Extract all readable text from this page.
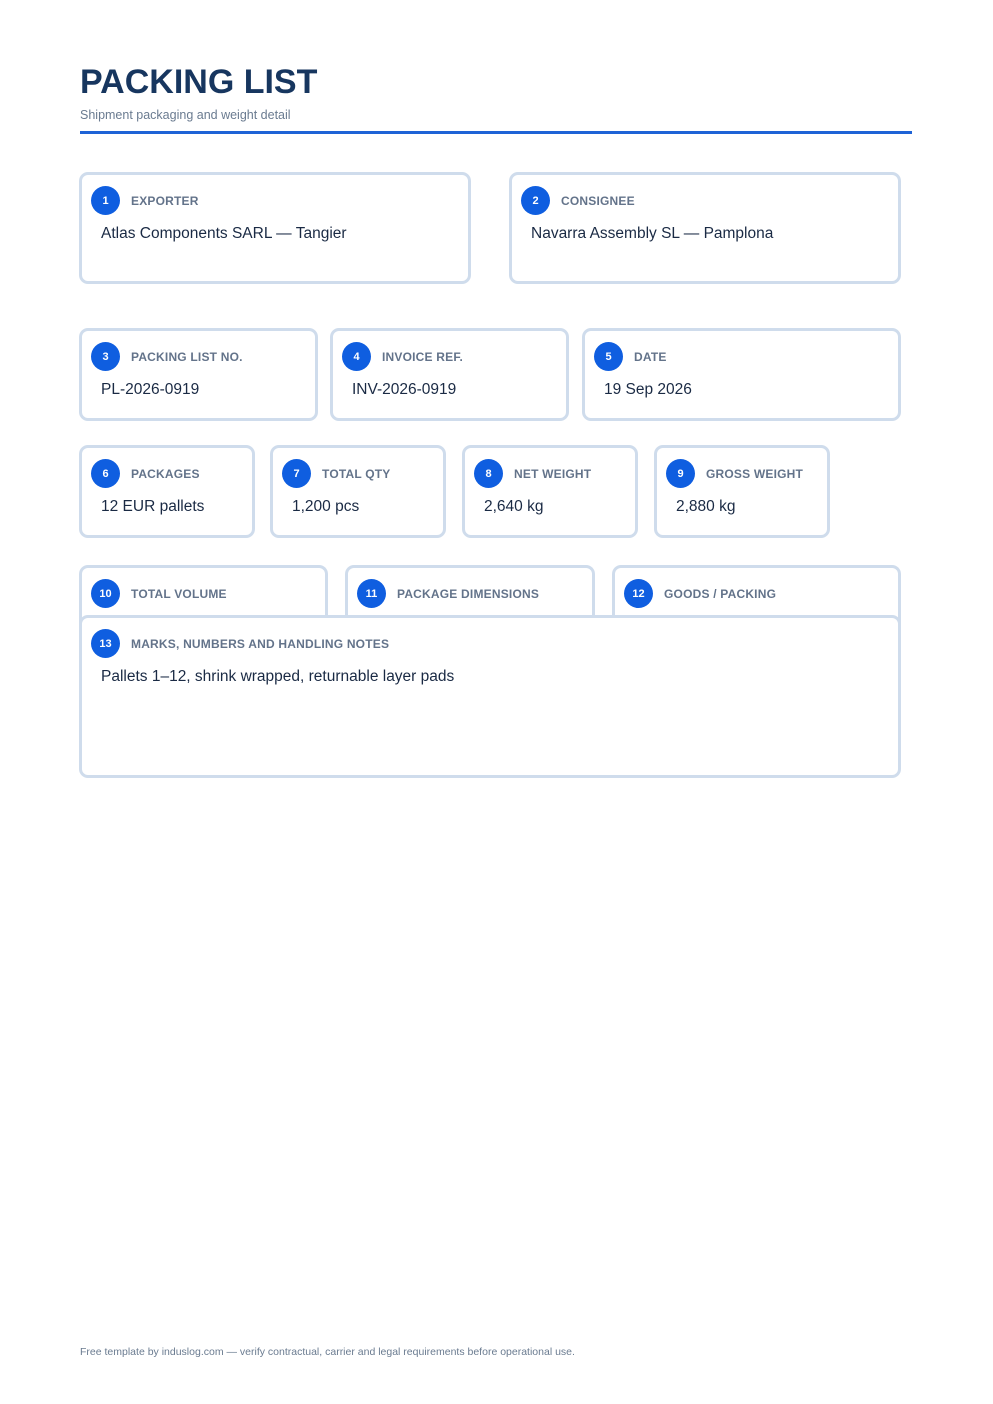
PACKING LIST
Shipment packaging and weight detail
1	EXPORTER
Atlas Components SARL — Tangier
2	CONSIGNEE
Navarra Assembly SL — Pamplona
3	PACKING LIST NO.
PL-2026-0919
4	INVOICE REF.
INV-2026-0919
5	DATE
19 Sep 2026
6	PACKAGES
12 EUR pallets
7	TOTAL QTY
1,200 pcs
8	NET WEIGHT
2,640 kg
9	GROSS WEIGHT
2,880 kg
10	TOTAL VOLUME	11	PACKAGE DIMENSIONS	12	GOODS / PACKING
13	MARKS, NUMBERS AND HANDLING NOTES
Pallets 1–12, shrink wrapped, returnable layer pads
Free template by induslog.com — verify contractual, carrier and legal requirements before operational use.
